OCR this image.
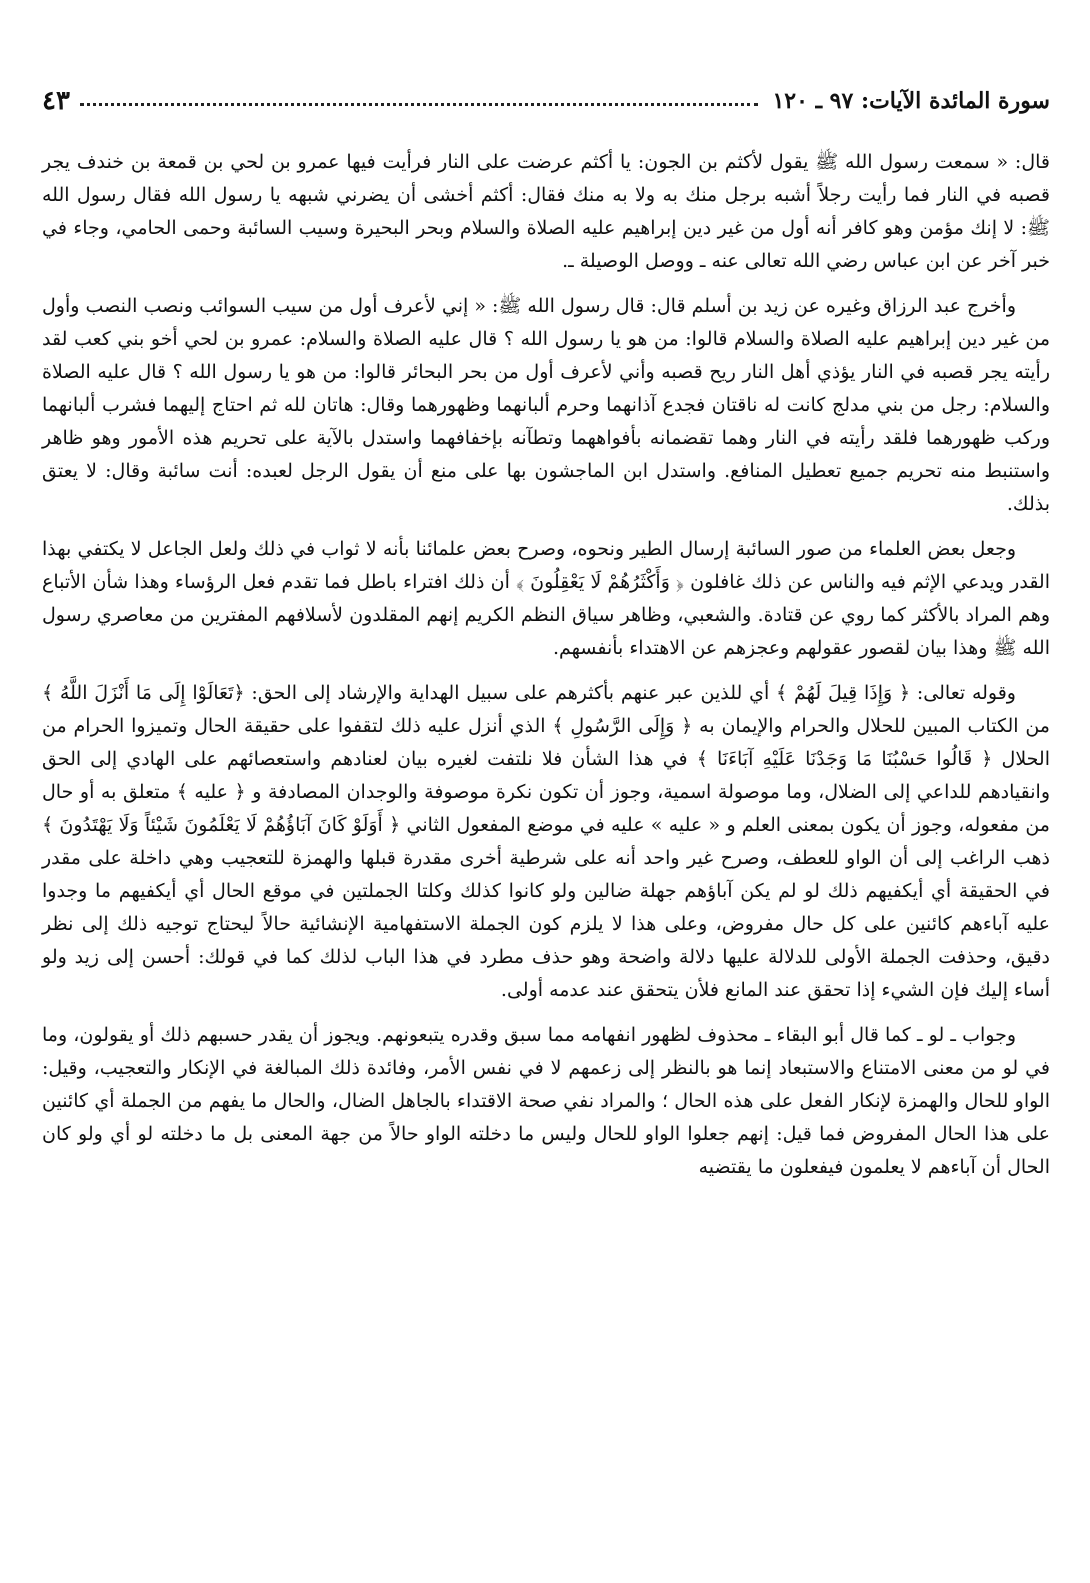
سورة المائدة الآيات: ٩٧ ـ ١٢٠
٤٣

قال: « سمعت رسول الله ﷺ يقول لأكثم بن الجون: يا أكثم عرضت على النار فرأيت فيها عمرو بن لحي بن قمعة بن خندف يجر قصبه في النار فما رأيت رجلاً أشبه برجل منك به ولا به منك فقال: أكثم أخشى أن يضرني شبهه يا رسول الله فقال رسول الله ﷺ: لا إنك مؤمن وهو كافر أنه أول من غير دين إبراهيم عليه الصلاة والسلام وبحر البحيرة وسيب السائبة وحمى الحامي، وجاء في خبر آخر عن ابن عباس رضي الله تعالى عنه ـ ووصل الوصيلة ـ.

وأخرج عبد الرزاق وغيره عن زيد بن أسلم قال: قال رسول الله ﷺ: « إني لأعرف أول من سيب السوائب ونصب النصب وأول من غير دين إبراهيم عليه الصلاة والسلام قالوا: من هو يا رسول الله ؟ قال عليه الصلاة والسلام: عمرو بن لحي أخو بني كعب لقد رأيته يجر قصبه في النار يؤذي أهل النار ريح قصبه وأني لأعرف أول من بحر البحائر قالوا: من هو يا رسول الله ؟ قال عليه الصلاة والسلام: رجل من بني مدلج كانت له ناقتان فجدع آذانهما وحرم ألبانهما وظهورهما وقال: هاتان لله ثم احتاج إليهما فشرب ألبانهما وركب ظهورهما فلقد رأيته في النار وهما تقضمانه بأفواههما وتطآنه بإخفافهما واستدل بالآية على تحريم هذه الأمور وهو ظاهر واستنبط منه تحريم جميع تعطيل المنافع. واستدل ابن الماجشون بها على منع أن يقول الرجل لعبده: أنت سائبة وقال: لا يعتق بذلك.

وجعل بعض العلماء من صور السائبة إرسال الطير ونحوه، وصرح بعض علمائنا بأنه لا ثواب في ذلك ولعل الجاعل لا يكتفي بهذا القدر ويدعي الإثم فيه والناس عن ذلك غافلون ﴿ وَأَكْثَرُهُمْ لَا يَعْقِلُونَ ﴾ أن ذلك افتراء باطل فما تقدم فعل الرؤساء وهذا شأن الأتباع وهم المراد بالأكثر كما روي عن قتادة. والشعبي، وظاهر سياق النظم الكريم إنهم المقلدون لأسلافهم المفترين من معاصري رسول الله ﷺ وهذا بيان لقصور عقولهم وعجزهم عن الاهتداء بأنفسهم.

وقوله تعالى: ﴿ وَإِذَا قِيلَ لَهُمْ ﴾ أي للذين عبر عنهم بأكثرهم على سبيل الهداية والإرشاد إلى الحق: ﴿تَعَالَوْا إِلَى مَا أَنْزَلَ اللَّهُ ﴾ من الكتاب المبين للحلال والحرام والإيمان به ﴿ وَإِلَى الرَّسُولِ ﴾ الذي أنزل عليه ذلك لتقفوا على حقيقة الحال وتميزوا الحرام من الحلال ﴿ قَالُوا حَسْبُنَا مَا وَجَدْنَا عَلَيْهِ آبَاءَنَا ﴾ في هذا الشأن فلا نلتفت لغيره بيان لعنادهم واستعصائهم على الهادي إلى الحق وانقيادهم للداعي إلى الضلال، وما موصولة اسمية، وجوز أن تكون نكرة موصوفة والوجدان المصادفة و ﴿ عليه ﴾ متعلق به أو حال من مفعوله، وجوز أن يكون بمعنى العلم و « عليه » عليه في موضع المفعول الثاني ﴿ أَوَلَوْ كَانَ آبَاؤُهُمْ لَا يَعْلَمُونَ شَيْئاً وَلَا يَهْتَدُونَ ﴾ ذهب الراغب إلى أن الواو للعطف، وصرح غير واحد أنه على شرطية أخرى مقدرة قبلها والهمزة للتعجيب وهي داخلة على مقدر في الحقيقة أي أيكفيهم ذلك لو لم يكن آباؤهم جهلة ضالين ولو كانوا كذلك وكلتا الجملتين في موقع الحال أي أيكفيهم ما وجدوا عليه آباءهم كائنين على كل حال مفروض، وعلى هذا لا يلزم كون الجملة الاستفهامية الإنشائية حالاً ليحتاج توجيه ذلك إلى نظر دقيق، وحذفت الجملة الأولى للدلالة عليها دلالة واضحة وهو حذف مطرد في هذا الباب لذلك كما في قولك: أحسن إلى زيد ولو أساء إليك فإن الشيء إذا تحقق عند المانع فلأن يتحقق عند عدمه أولى.

وجواب ـ لو ـ كما قال أبو البقاء ـ محذوف لظهور انفهامه مما سبق وقدره يتبعونهم. ويجوز أن يقدر حسبهم ذلك أو يقولون، وما في لو من معنى الامتناع والاستبعاد إنما هو بالنظر إلى زعمهم لا في نفس الأمر، وفائدة ذلك المبالغة في الإنكار والتعجيب، وقيل: الواو للحال والهمزة لإنكار الفعل على هذه الحال ؛ والمراد نفي صحة الاقتداء بالجاهل الضال، والحال ما يفهم من الجملة أي كائنين على هذا الحال المفروض فما قيل: إنهم جعلوا الواو للحال وليس ما دخلته الواو حالاً من جهة المعنى بل ما دخلته لو أي ولو كان الحال أن آباءهم لا يعلمون فيفعلون ما يقتضيه
